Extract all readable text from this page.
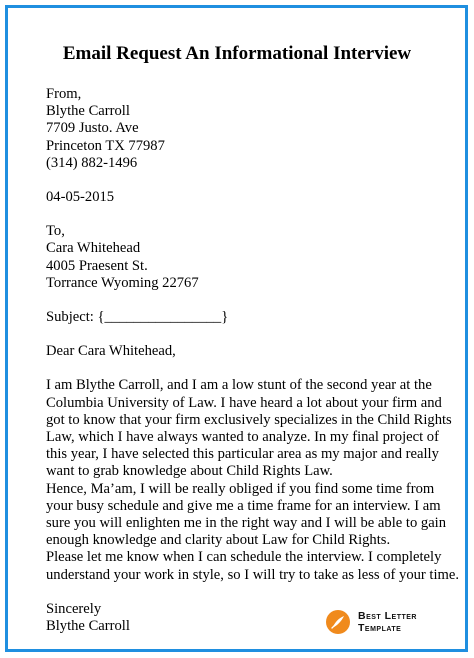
Email Request An Informational Interview
From,
Blythe Carroll
7709 Justo. Ave
Princeton TX 77987
(314) 882-1496
04-05-2015
To,
Cara Whitehead
4005 Praesent St.
Torrance Wyoming 22767
Subject: {________________}
Dear Cara Whitehead,
I am Blythe Carroll, and I am a low stunt of the second year at the
Columbia University of Law. I have heard a lot about your firm and
got to know that your firm exclusively specializes in the Child Rights
Law, which I have always wanted to analyze. In my final project of
this year, I have selected this particular area as my major and really
want to grab knowledge about Child Rights Law.
Hence, Ma’am, I will be really obliged if you find some time from
your busy schedule and give me a time frame for an interview. I am
sure you will enlighten me in the right way and I will be able to gain
enough knowledge and clarity about Law for Child Rights.
Please let me know when I can schedule the interview. I completely
understand your work in style, so I will try to take as less of your time.
Sincerely
Blythe Carroll
Best Letter
Template
